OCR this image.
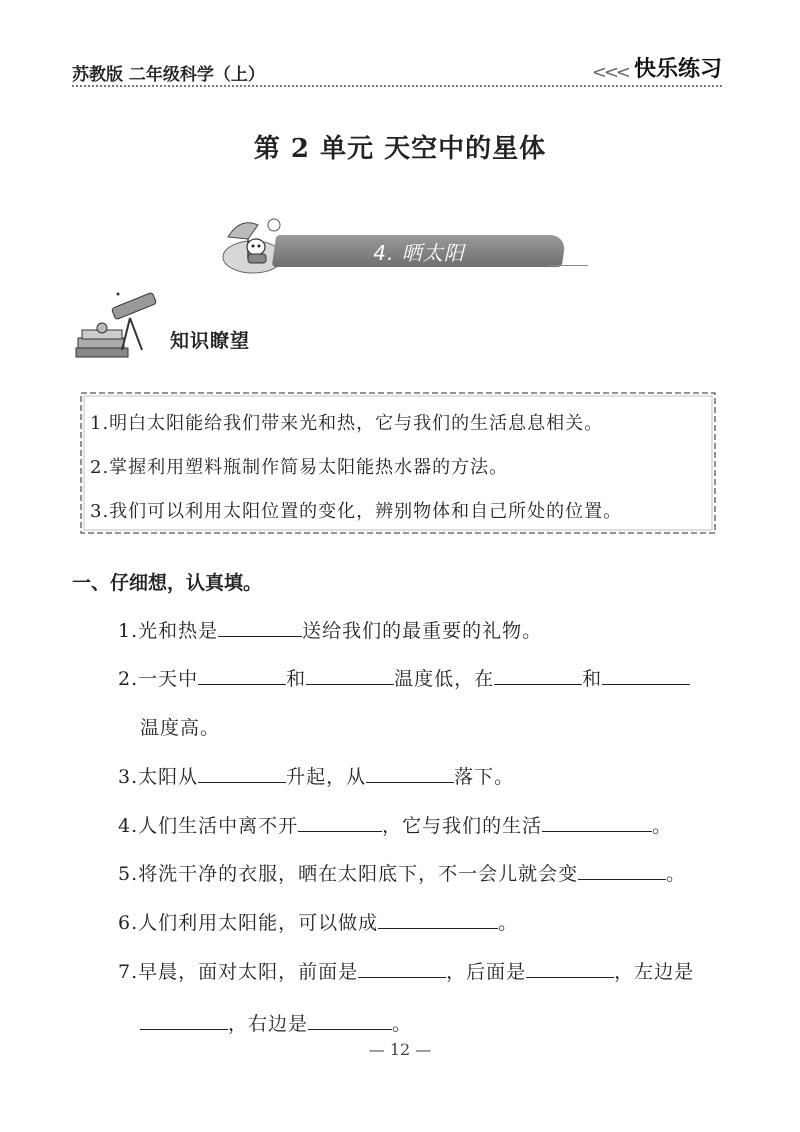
苏教版 二年级科学（上）	<<< 快乐练习
第 2 单元 天空中的星体
4. 晒太阳
知识瞭望
1.明白太阳能给我们带来光和热，它与我们的生活息息相关。
2.掌握利用塑料瓶制作简易太阳能热水器的方法。
3.我们可以利用太阳位置的变化，辨别物体和自己所处的位置。
一、仔细想，认真填。
1.光和热是	送给我们的最重要的礼物。
2.一天中	和	温度低，在	和
温度高。
3.太阳从	升起，从	落下。
4.人们生活中离不开	，它与我们的生活	。
5.将洗干净的衣服，晒在太阳底下，不一会儿就会变	。
6.人们利用太阳能，可以做成	。
7.早晨，面对太阳，前面是	，后面是	，左边是
，右边是	。
— 12 —
